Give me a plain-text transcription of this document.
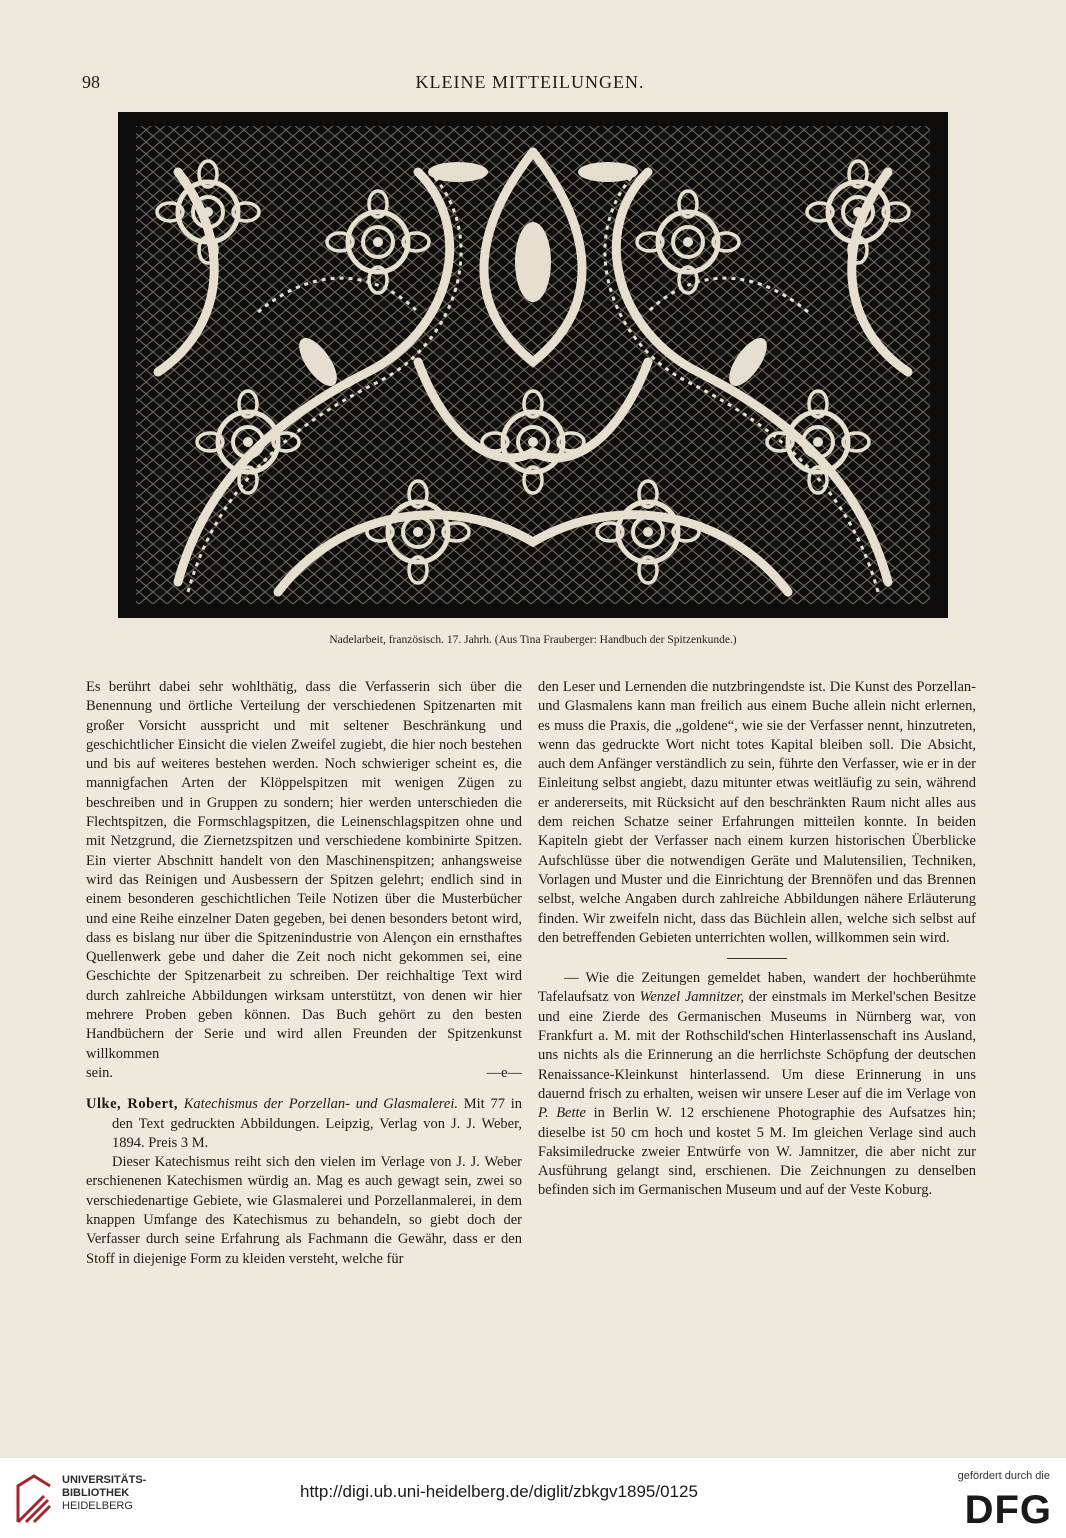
98	KLEINE MITTEILUNGEN.
Nadelarbeit, französisch. 17. Jahrh. (Aus Tina Frauberger: Handbuch der Spitzenkunde.)

Es berührt dabei sehr wohlthätig, dass die Verfasserin sich über die Benennung und örtliche Verteilung der verschiedenen Spitzenarten mit großer Vorsicht ausspricht und mit seltener Beschränkung und geschichtlicher Einsicht die vielen Zweifel zugiebt, die hier noch bestehen und bis auf weiteres bestehen werden. Noch schwieriger scheint es, die mannigfachen Arten der Klöppelspitzen mit wenigen Zügen zu beschreiben und in Gruppen zu sondern; hier werden unterschieden die Flechtspitzen, die Formschlagspitzen, die Leinenschlagspitzen ohne und mit Netzgrund, die Ziernetzspitzen und verschiedene kombinirte Spitzen. Ein vierter Abschnitt handelt von den Maschinenspitzen; anhangsweise wird das Reinigen und Ausbessern der Spitzen gelehrt; endlich sind in einem besonderen geschichtlichen Teile Notizen über die Musterbücher und eine Reihe einzelner Daten gegeben, bei denen besonders betont wird, dass es bislang nur über die Spitzenindustrie von Alençon ein ernsthaftes Quellenwerk gebe und daher die Zeit noch nicht gekommen sei, eine Geschichte der Spitzenarbeit zu schreiben. Der reichhaltige Text wird durch zahlreiche Abbildungen wirksam unterstützt, von denen wir hier mehrere Proben geben können. Das Buch gehört zu den besten Handbüchern der Serie und wird allen Freunden der Spitzenkunst willkommen

sein.	—e—

Ulke, Robert, Katechismus der Porzellan- und Glasmalerei. Mit 77 in den Text gedruckten Abbildungen. Leipzig, Verlag von J. J. Weber, 1894. Preis 3 M.

Dieser Katechismus reiht sich den vielen im Verlage von J. J. Weber erschienenen Katechismen würdig an. Mag es auch gewagt sein, zwei so verschiedenartige Gebiete, wie Glasmalerei und Porzellanmalerei, in dem knappen Umfange des Katechismus zu behandeln, so giebt doch der Verfasser durch seine Erfahrung als Fachmann die Gewähr, dass er den Stoff in diejenige Form zu kleiden versteht, welche für

den Leser und Lernenden die nutzbringendste ist. Die Kunst des Porzellan- und Glasmalens kann man freilich aus einem Buche allein nicht erlernen, es muss die Praxis, die „goldene“, wie sie der Verfasser nennt, hinzutreten, wenn das gedruckte Wort nicht totes Kapital bleiben soll. Die Absicht, auch dem Anfänger verständlich zu sein, führte den Verfasser, wie er in der Einleitung selbst angiebt, dazu mitunter etwas weitläufig zu sein, während er andererseits, mit Rücksicht auf den beschränkten Raum nicht alles aus dem reichen Schatze seiner Erfahrungen mitteilen konnte. In beiden Kapiteln giebt der Verfasser nach einem kurzen historischen Überblicke Aufschlüsse über die notwendigen Geräte und Malutensilien, Techniken, Vorlagen und Muster und die Einrichtung der Brennöfen und das Brennen selbst, welche Angaben durch zahlreiche Abbildungen nähere Erläuterung finden. Wir zweifeln nicht, dass das Büchlein allen, welche sich selbst auf den betreffenden Gebieten unterrichten wollen, willkommen sein wird.

— Wie die Zeitungen gemeldet haben, wandert der hochberühmte Tafelaufsatz von Wenzel Jamnitzer, der einstmals im Merkel'schen Besitze und eine Zierde des Germanischen Museums in Nürnberg war, von Frankfurt a. M. mit der Rothschild'schen Hinterlassenschaft ins Ausland, uns nichts als die Erinnerung an die herrlichste Schöpfung der deutschen Renaissance-Kleinkunst hinterlassend. Um diese Erinnerung in uns dauernd frisch zu erhalten, weisen wir unsere Leser auf die im Verlage von P. Bette in Berlin W. 12 erschienene Photographie des Aufsatzes hin; dieselbe ist 50 cm hoch und kostet 5 M. Im gleichen Verlage sind auch Faksimiledrucke zweier Entwürfe von W. Jamnitzer, die aber nicht zur Ausführung gelangt sind, erschienen. Die Zeichnungen zu denselben befinden sich im Germanischen Museum und auf der Veste Koburg.

UNIVERSITÄTS-
BIBLIOTHEK
HEIDELBERG
http://digi.ub.uni-heidelberg.de/diglit/zbkgv1895/0125
gefördert durch die
DFG
